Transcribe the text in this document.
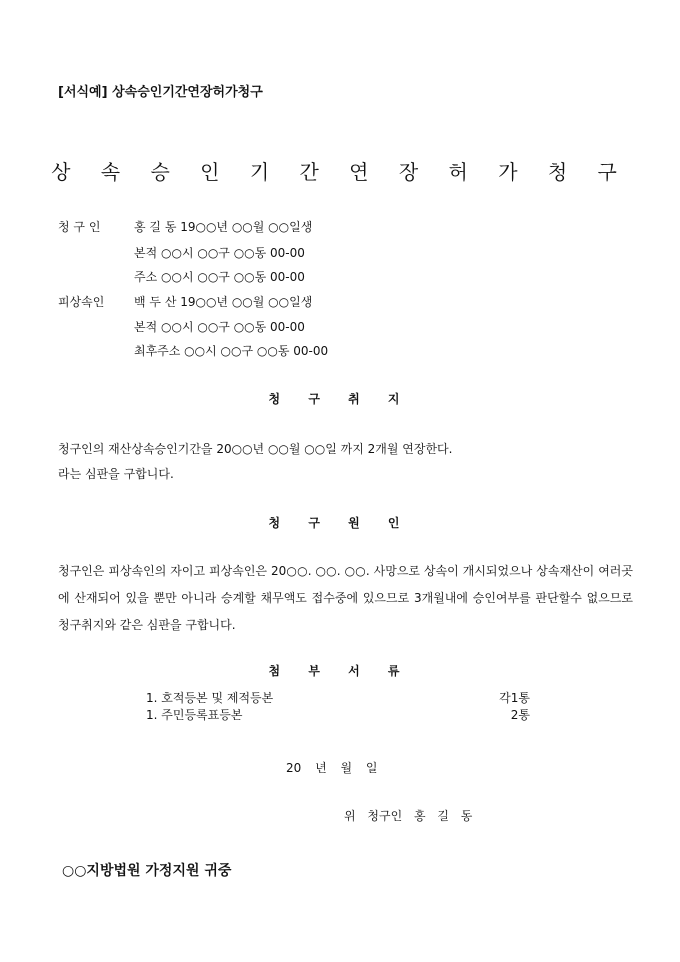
[서식예] 상속승인기간연장허가청구
상 속 승 인 기 간 연 장 허 가 청 구
청 구 인	홍 길 동 19○○년 ○○월 ○○일생
본적 ○○시 ○○구 ○○동 00-00
주소 ○○시 ○○구 ○○동 00-00
피상속인 백 두 산 19○○년 ○○월 ○○일생
본적 ○○시 ○○구 ○○동 00-00
최후주소 ○○시 ○○구 ○○동 00-00
청 구 취 지
청구인의 재산상속승인기간을 20○○년 ○○월 ○○일 까지 2개월 연장한다.
라는 심판을 구합니다.
청 구 원 인
청구인은 피상속인의 자이고 피상속인은 20○○. ○○. ○○. 사망으로 상속이 개시되었으나 상속재산이 여러곳에 산재되어 있을 뿐만 아니라 승계할 채무액도 접수중에 있으므로 3개월내에 승인여부를 판단할수 없으므로 청구취지와 같은 심판을 구합니다.
첨 부 서 류
1. 호적등본 및 제적등본	각1통
1. 주민등록표등본	2통
20 년 월 일
위 청구인 홍 길 동
○○지방법원 가정지원 귀중
